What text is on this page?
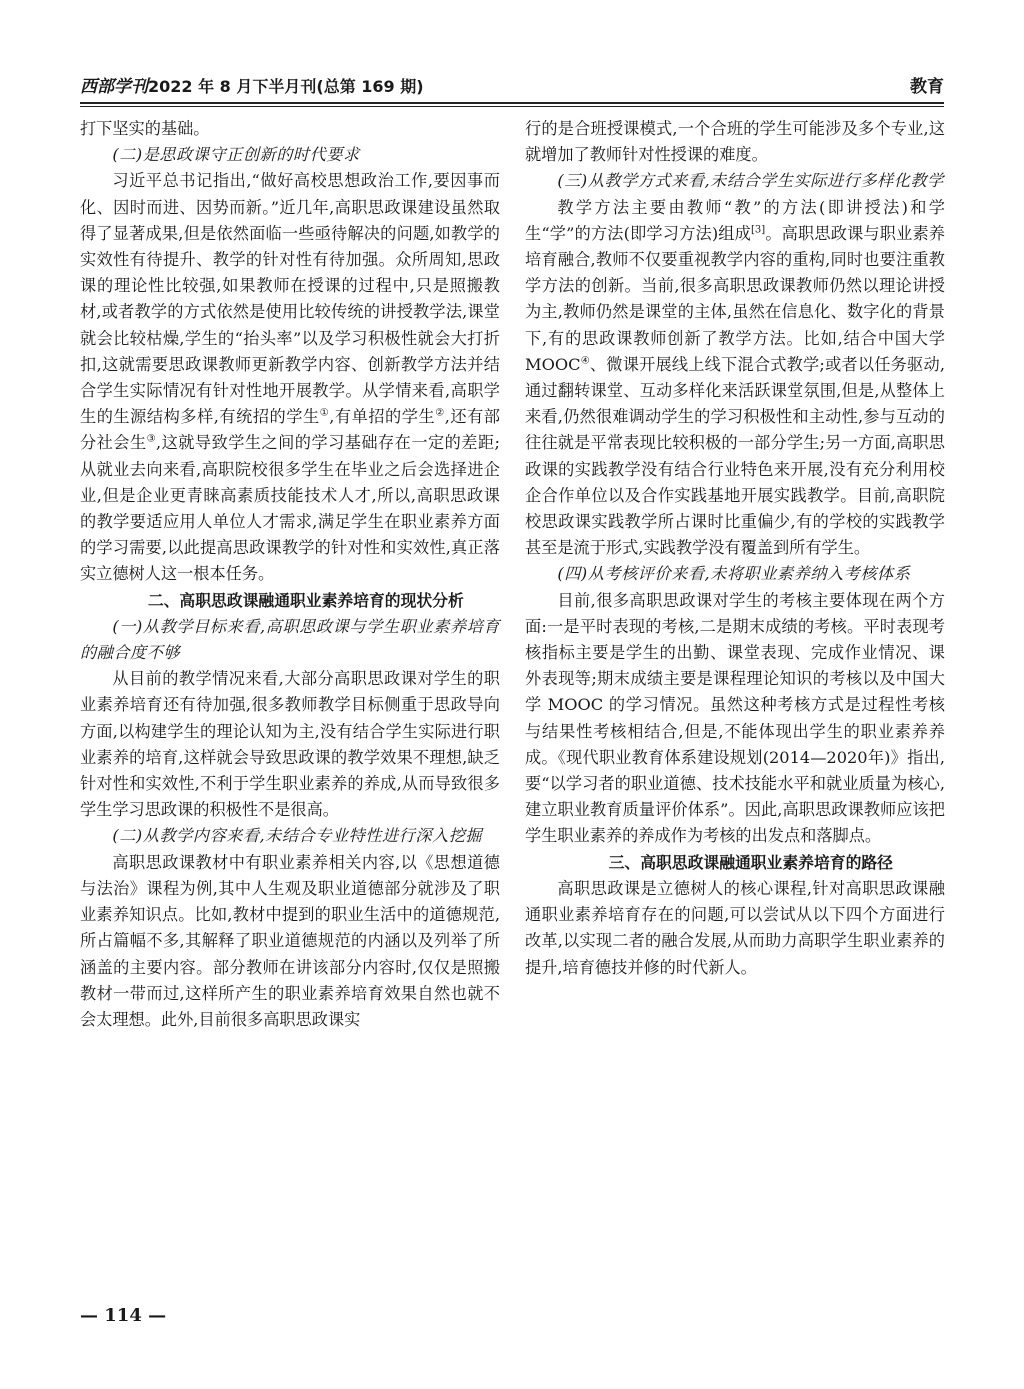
西部学刊2022 年 8 月下半月刊(总第 169 期)	教育

打下坚实的基础。

(二)是思政课守正创新的时代要求

习近平总书记指出,“做好高校思想政治工作,要因事而化、因时而进、因势而新。”近几年,高职思政课建设虽然取得了显著成果,但是依然面临一些亟待解决的问题,如教学的实效性有待提升、教学的针对性有待加强。众所周知,思政课的理论性比较强,如果教师在授课的过程中,只是照搬教材,或者教学的方式依然是使用比较传统的讲授教学法,课堂就会比较枯燥,学生的“抬头率”以及学习积极性就会大打折扣,这就需要思政课教师更新教学内容、创新教学方法并结合学生实际情况有针对性地开展教学。从学情来看,高职学生的生源结构多样,有统招的学生①,有单招的学生②,还有部分社会生③,这就导致学生之间的学习基础存在一定的差距;从就业去向来看,高职院校很多学生在毕业之后会选择进企业,但是企业更青睐高素质技能技术人才,所以,高职思政课的教学要适应用人单位人才需求,满足学生在职业素养方面的学习需要,以此提高思政课教学的针对性和实效性,真正落实立德树人这一根本任务。

二、高职思政课融通职业素养培育的现状分析

(一)从教学目标来看,高职思政课与学生职业素养培育的融合度不够

从目前的教学情况来看,大部分高职思政课对学生的职业素养培育还有待加强,很多教师教学目标侧重于思政导向方面,以构建学生的理论认知为主,没有结合学生实际进行职业素养的培育,这样就会导致思政课的教学效果不理想,缺乏针对性和实效性,不利于学生职业素养的养成,从而导致很多学生学习思政课的积极性不是很高。

(二)从教学内容来看,未结合专业特性进行深入挖掘

高职思政课教材中有职业素养相关内容,以《思想道德与法治》课程为例,其中人生观及职业道德部分就涉及了职业素养知识点。比如,教材中提到的职业生活中的道德规范,所占篇幅不多,其解释了职业道德规范的内涵以及列举了所涵盖的主要内容。部分教师在讲该部分内容时,仅仅是照搬教材一带而过,这样所产生的职业素养培育效果自然也就不会太理想。此外,目前很多高职思政课实

行的是合班授课模式,一个合班的学生可能涉及多个专业,这就增加了教师针对性授课的难度。

(三)从教学方式来看,未结合学生实际进行多样化教学

教学方法主要由教师“教”的方法(即讲授法)和学生“学”的方法(即学习方法)组成[3]。高职思政课与职业素养培育融合,教师不仅要重视教学内容的重构,同时也要注重教学方法的创新。当前,很多高职思政课教师仍然以理论讲授为主,教师仍然是课堂的主体,虽然在信息化、数字化的背景下,有的思政课教师创新了教学方法。比如,结合中国大学 MOOC④、微课开展线上线下混合式教学;或者以任务驱动,通过翻转课堂、互动多样化来活跃课堂氛围,但是,从整体上来看,仍然很难调动学生的学习积极性和主动性,参与互动的往往就是平常表现比较积极的一部分学生;另一方面,高职思政课的实践教学没有结合行业特色来开展,没有充分利用校企合作单位以及合作实践基地开展实践教学。目前,高职院校思政课实践教学所占课时比重偏少,有的学校的实践教学甚至是流于形式,实践教学没有覆盖到所有学生。

(四)从考核评价来看,未将职业素养纳入考核体系

目前,很多高职思政课对学生的考核主要体现在两个方面:一是平时表现的考核,二是期末成绩的考核。平时表现考核指标主要是学生的出勤、课堂表现、完成作业情况、课外表现等;期末成绩主要是课程理论知识的考核以及中国大学 MOOC 的学习情况。虽然这种考核方式是过程性考核与结果性考核相结合,但是,不能体现出学生的职业素养养成。《现代职业教育体系建设规划(2014—2020年)》指出,要“以学习者的职业道德、技术技能水平和就业质量为核心,建立职业教育质量评价体系”。因此,高职思政课教师应该把学生职业素养的养成作为考核的出发点和落脚点。

三、高职思政课融通职业素养培育的路径

高职思政课是立德树人的核心课程,针对高职思政课融通职业素养培育存在的问题,可以尝试从以下四个方面进行改革,以实现二者的融合发展,从而助力高职学生职业素养的提升,培育德技并修的时代新人。

— 114 —
